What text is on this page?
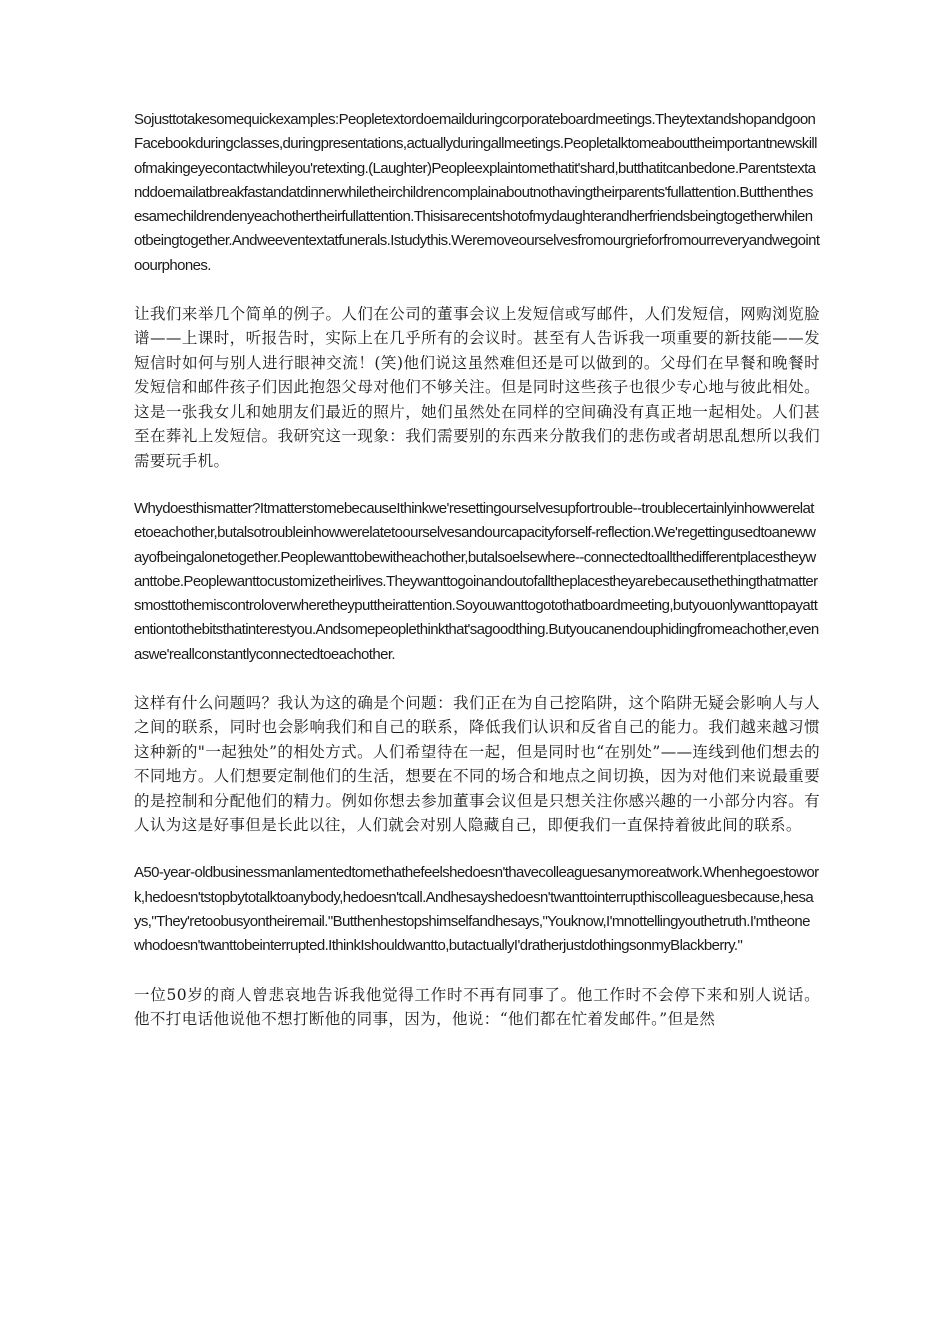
Sojusttotakesomequickexamples:Peopletextordoemailduringcorporateboardmeetings.TheytextandshopandgoonFacebookduringclasses,duringpresentations,actuallyduringallmeetings.Peopletalktomeabouttheimportantnewskillofmakingeyecontactwhileyou'retexting.(Laughter)Peopleexplaintomethatit'shard,butthatitcanbedone.Parentstextanddoemailatbreakfastandatdinnerwhiletheirchildrencomplainaboutnothavingtheirparents'fullattention.Butthenthesesamechildrendenyeachothertheirfullattention.Thisisarecentshotofmydaughterandherfriendsbeingtogetherwhilenotbeingtogether.Andweeventextatfunerals.Istudythis.Weremoveourselvesfromourgrieforfromourreveryandwegointoourphones.

让我们来举几个简单的例子。人们在公司的董事会议上发短信或写邮件，人们发短信，网购浏览脸谱——上课时，听报告时，实际上在几乎所有的会议时。甚至有人告诉我一项重要的新技能——发短信时如何与别人进行眼神交流！(笑)他们说这虽然难但还是可以做到的。父母们在早餐和晚餐时发短信和邮件孩子们因此抱怨父母对他们不够关注。但是同时这些孩子也很少专心地与彼此相处。这是一张我女儿和她朋友们最近的照片，她们虽然处在同样的空间确没有真正地一起相处。人们甚至在葬礼上发短信。我研究这一现象：我们需要别的东西来分散我们的悲伤或者胡思乱想所以我们需要玩手机。

Whydoesthismatter?ItmatterstomebecauseIthinkwe'resettingourselvesupfortrouble--troublecertainlyinhowwerelatetoeachother,butalsotroubleinhowwerelatetoourselvesandourcapacityforself-reflection.We'regettingusedtoanewwayofbeingalonetogether.Peoplewanttobewitheachother,butalsoelsewhere--connectedtoallthedifferentplacestheywanttobe.Peoplewanttocustomizetheirlives.Theywanttogoinandoutofalltheplacestheyarebecausethethingthatmattersmosttothemiscontroloverwheretheyputtheirattention.Soyouwanttogotothatboardmeeting,butyouonlywanttopayattentiontothebitsthatinterestyou.Andsomepeoplethinkthat'sagoodthing.Butyoucanendouphidingfromeachother,evenaswe'reallconstantlyconnectedtoeachother.

这样有什么问题吗？我认为这的确是个问题：我们正在为自己挖陷阱，这个陷阱无疑会影响人与人之间的联系，同时也会影响我们和自己的联系，降低我们认识和反省自己的能力。我们越来越习惯这种新的"一起独处”的相处方式。人们希望待在一起，但是同时也“在别处”——连线到他们想去的不同地方。人们想要定制他们的生活，想要在不同的场合和地点之间切换，因为对他们来说最重要的是控制和分配他们的精力。例如你想去参加董事会议但是只想关注你感兴趣的一小部分内容。有人认为这是好事但是长此以往，人们就会对别人隐藏自己，即便我们一直保持着彼此间的联系。

A50-year-oldbusinessmanlamentedtomethathefeelshedoesn'thavecolleaguesanymoreatwork.Whenhegoestowork,hedoesn'tstopbytotalktoanybody,hedoesn'tcall.Andhesayshedoesn'twanttointerrupthiscolleaguesbecause,hesays,"They'retoobusyontheiremail."Butthenhestopshimselfandhesays,"Youknow,I'mnottellingyouthetruth.I'mtheonewhodoesn'twanttobeinterrupted.IthinkIshouldwantto,butactuallyI'dratherjustdothingsonmyBlackberry."

一位50岁的商人曾悲哀地告诉我他觉得工作时不再有同事了。他工作时不会停下来和别人说话。他不打电话他说他不想打断他的同事，因为，他说：“他们都在忙着发邮件。”但是然
